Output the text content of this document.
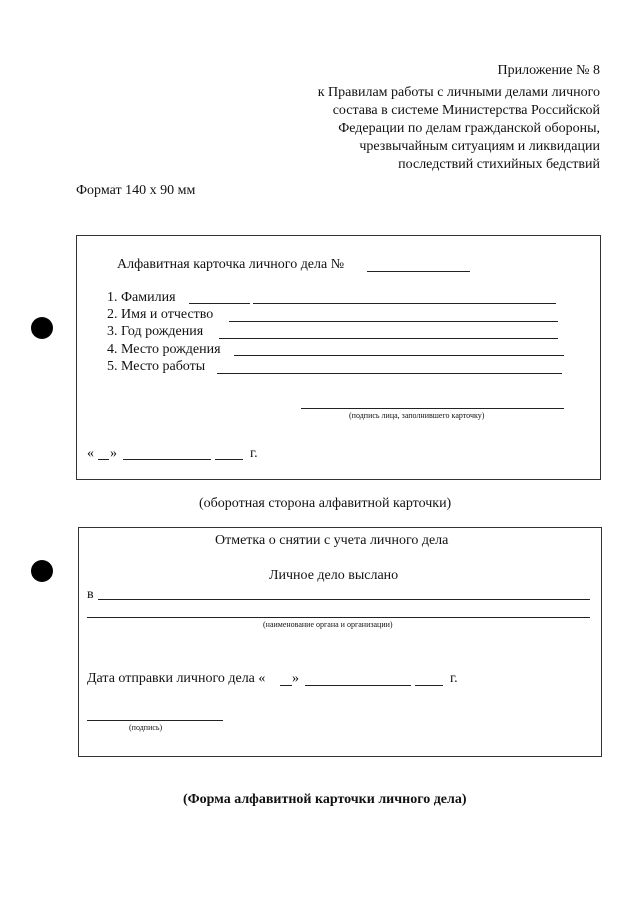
Приложение № 8
к Правилам работы с личными делами личного
состава в системе Министерства Российской
Федерации по делам гражданской обороны,
чрезвычайным ситуациям и ликвидации
последствий стихийных бедствий
Формат 140 х 90 мм
Алфавитная карточка личного дела №
1. Фамилия
2. Имя и отчество
3. Год рождения
4. Место рождения
5. Место работы
(подпись лица, заполнившего карточку)
« »	г.
(оборотная сторона алфавитной карточки)
Отметка о снятии с учета личного дела
Личное дело выслано
в
(наименование органа и организации)
Дата отправки личного дела « »	г.
(подпись)
(Форма алфавитной карточки личного дела)
